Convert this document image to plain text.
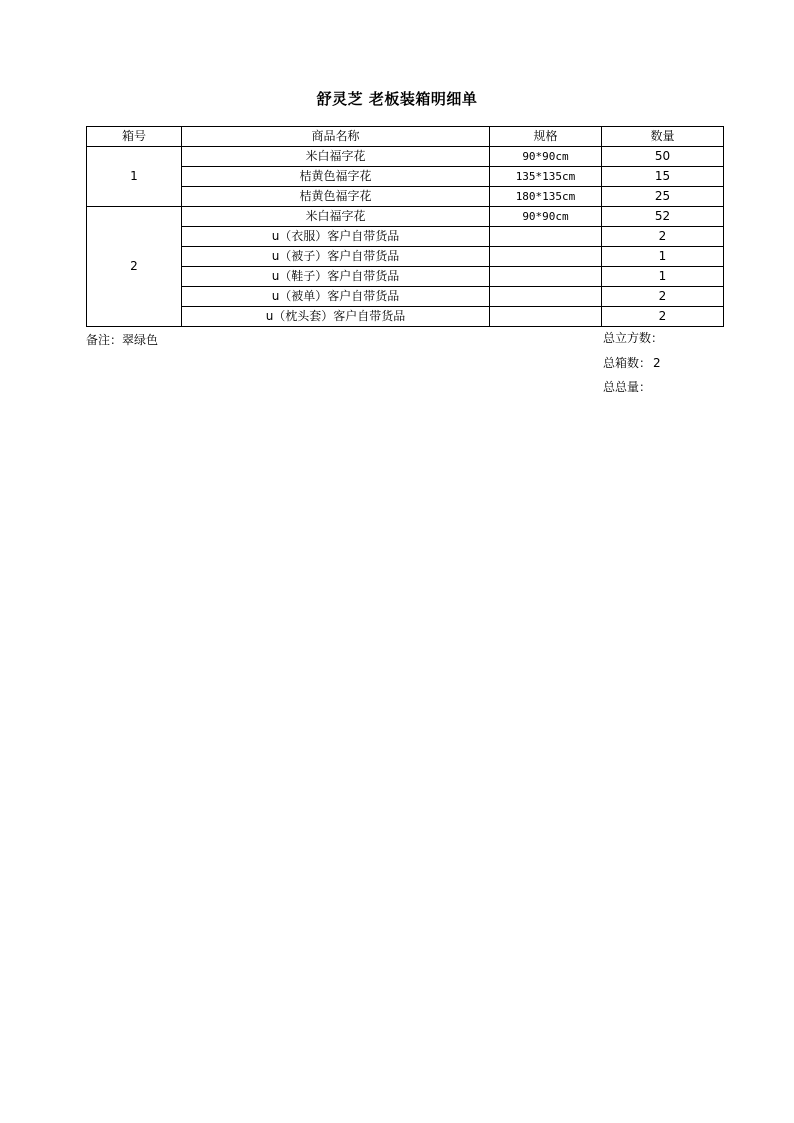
舒灵芝 老板装箱明细单
箱号	商品名称	规格	数量
1	米白福字花	90*90cm	50
	桔黄色福字花	135*135cm	15
	桔黄色福字花	180*135cm	25
2	米白福字花	90*90cm	52
	u（衣服）客户自带货品		2
	u（被子）客户自带货品		1
	u（鞋子）客户自带货品		1
	u（被单）客户自带货品		2
	u（枕头套）客户自带货品		2
备注：翠绿色	总立方数：
总箱数： 2
总总量：
